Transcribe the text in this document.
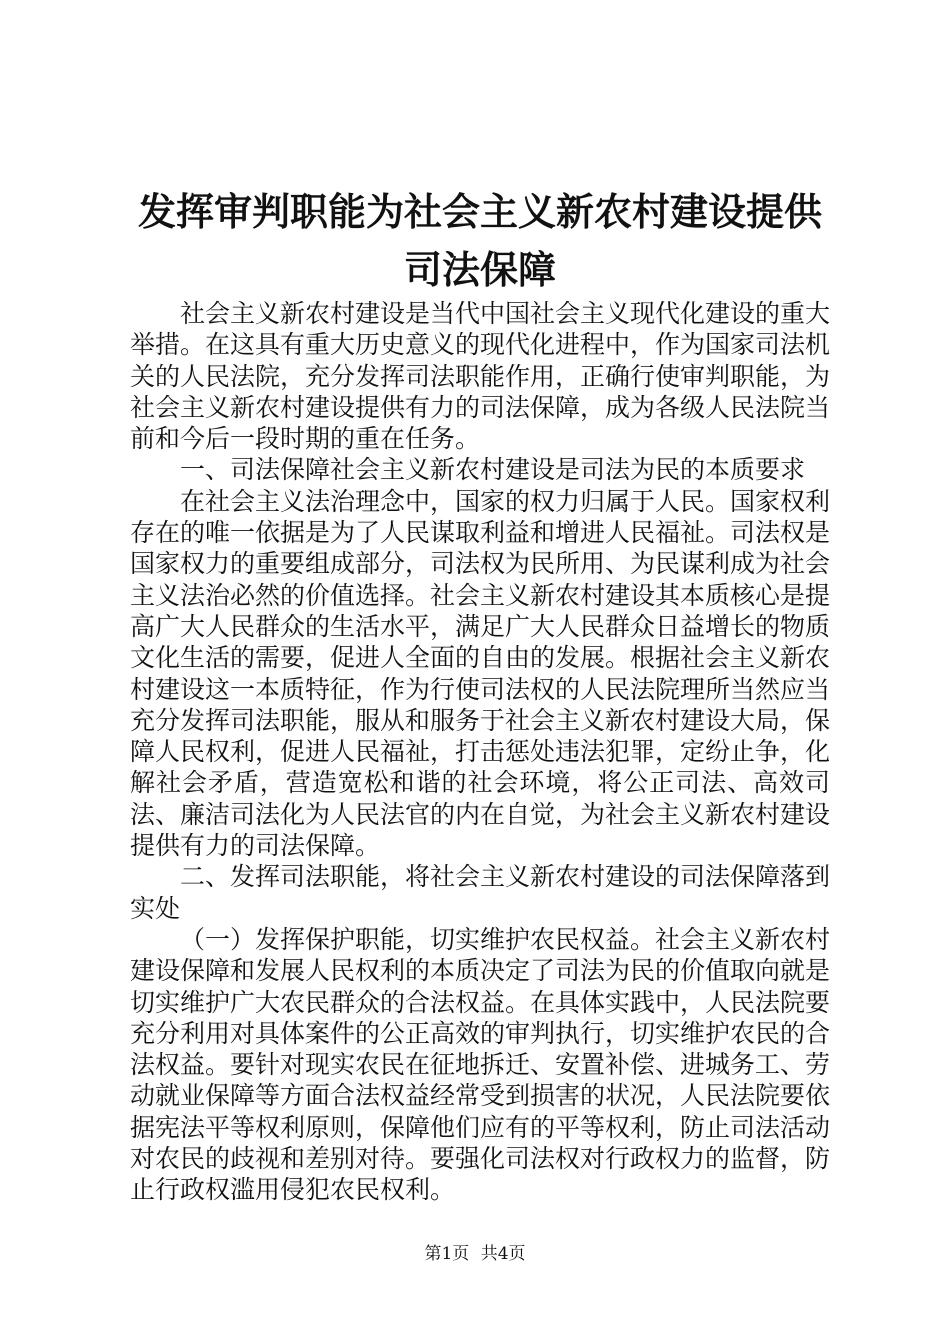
发挥审判职能为社会主义新农村建设提供司法保障

社会主义新农村建设是当代中国社会主义现代化建设的重大举措。在这具有重大历史意义的现代化进程中，作为国家司法机关的人民法院，充分发挥司法职能作用，正确行使审判职能，为社会主义新农村建设提供有力的司法保障，成为各级人民法院当前和今后一段时期的重在任务。

一、司法保障社会主义新农村建设是司法为民的本质要求

在社会主义法治理念中，国家的权力归属于人民。国家权利存在的唯一依据是为了人民谋取利益和增进人民福祉。司法权是国家权力的重要组成部分，司法权为民所用、为民谋利成为社会主义法治必然的价值选择。社会主义新农村建设其本质核心是提高广大人民群众的生活水平，满足广大人民群众日益增长的物质文化生活的需要，促进人全面的自由的发展。根据社会主义新农村建设这一本质特征，作为行使司法权的人民法院理所当然应当充分发挥司法职能，服从和服务于社会主义新农村建设大局，保障人民权利，促进人民福祉，打击惩处违法犯罪，定纷止争，化解社会矛盾，营造宽松和谐的社会环境，将公正司法、高效司法、廉洁司法化为人民法官的内在自觉，为社会主义新农村建设提供有力的司法保障。

二、发挥司法职能，将社会主义新农村建设的司法保障落到实处

（一）发挥保护职能，切实维护农民权益。社会主义新农村建设保障和发展人民权利的本质决定了司法为民的价值取向就是切实维护广大农民群众的合法权益。在具体实践中，人民法院要充分利用对具体案件的公正高效的审判执行，切实维护农民的合法权益。要针对现实农民在征地拆迁、安置补偿、进城务工、劳动就业保障等方面合法权益经常受到损害的状况，人民法院要依据宪法平等权利原则，保障他们应有的平等权利，防止司法活动对农民的歧视和差别对待。要强化司法权对行政权力的监督，防止行政权滥用侵犯农民权利。

第1页 共4页
